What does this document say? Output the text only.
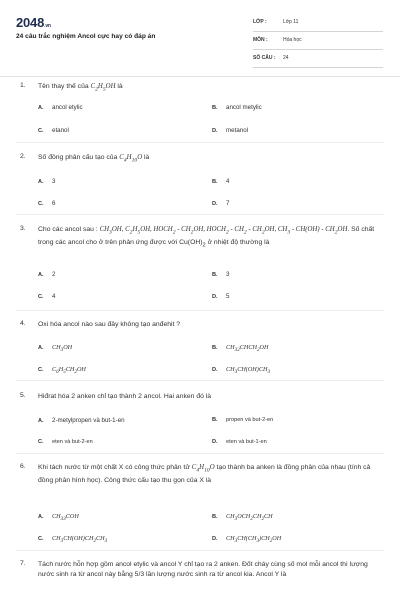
2048.vn
24 câu trắc nghiệm Ancol cực hay có đáp án
LỚP :	Lớp 11
MÔN :	Hóa học
SỐ CÂU : 24
1. Tên thay thế của $C_2H_5OH$ là
A. ancol etylic	B. ancol metylic
C. etanol	D. metanol
2. Số đồng phân cấu tạo của $C_4H_{10}O$ là
A. 3	B. 4
C. 6	D. 7
3. Cho các ancol sau : $CH_3OH$, $C_2H_5OH$, $HOCH_2 - CH_2OH$, $HOCH_2 - CH_2 - CH_2OH$, $CH_3 - CH(OH) - CH_2OH$. Số chất trong các ancol cho ở trên phản ứng được với $Cu(OH)_2$ ở nhiệt độ thường là
A. 2	B. 3
C. 4	D. 5
4. Oxi hóa ancol nào sau đây không tạo anđehit ?
A. $CH_3OH$	B. $CH_{32}CHCH_2OH$
C. $C_6H_5CH_2OH$	D. $CH_3CH(OH)CH_3$
5. Hiđrat hóa 2 anken chỉ tạo thành 2 ancol. Hai anken đó là
A. 2-metylpropen và but-1-en	B. propen và but-2-en
C. eten và but-2-en	D. eten và but-1-en
6. Khi tách nước từ một chất X có công thức phân tử $C_4H_{10}O$ tạo thành ba anken là đồng phân của nhau (tính cả đồng phân hình học). Công thức cấu tạo thu gọn của X là
A. $CH_{33}COH$	B. $CH_3OCH_2CH_2CH$
C. $CH_3CH(OH)CH_2CH_3$	D. $CH_3CH(CH_3)CH_2OH$
7. Tách nước hỗn hợp gồm ancol etylic và ancol Y chỉ tạo ra 2 anken. Đốt cháy cùng số mol mỗi ancol thì lượng nước sinh ra từ ancol này bằng 5/3 lần lượng nước sinh ra từ ancol kia. Ancol Y là
